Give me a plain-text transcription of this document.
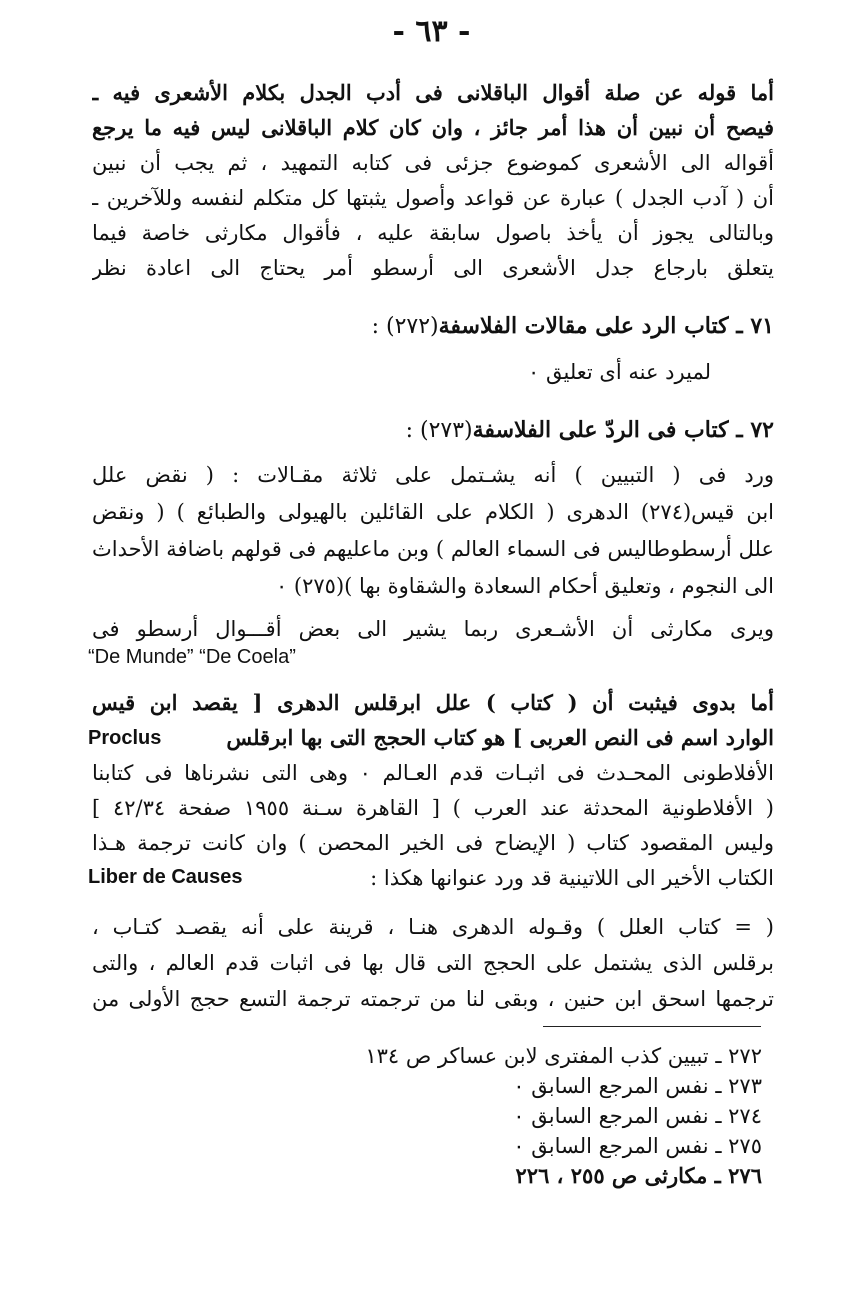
- ٦٣ -
أما قوله عن صلة أقوال الباقلانى فى أدب الجدل بكلام الأشعرى فيه ـ
فيصح أن نبين أن هذا أمر جائز ، وان كان كلام الباقلانى ليس فيه ما يرجع
أقواله الى الأشعرى كموضوع جزئى فى كتابه التمهيد ، ثم يجب أن نبين
أن ( آدب الجدل ) عبارة عن قواعد وأصول يثبتها كل متكلم لنفسه وللآخرين ـ
وبالتالى يجوز أن يأخذ باصول سابقة عليه ، فأقوال مكارثى خاصة فيما
يتعلق بارجاع جدل الأشعرى الى أرسطو أمر يحتاج الى اعادة نظر
٧١ ـ كتاب الرد على مقالات الفلاسفة(٢٧٢) :
لميرد عنه أى تعليق ٠
٧٢ ـ كتاب فى الردّ على الفلاسفة(٢٧٣) :
ورد فى ( التبيين ) أنه يشـتمل على ثلاثة مقـالات : ( نقض علل
ابن قيس(٢٧٤) الدهرى ( الكلام على القائلين بالهيولى والطبائع ) ( ونقض
علل أرسطوطاليس فى السماء العالم ) وبن ماعليهم فى قولهم باضافة الأحداث
الى النجوم ، وتعليق أحكام السعادة والشقاوة بها )(٢٧٥) ٠
ويرى مكارثى أن الأشـعرى ربما يشير الى بعض أقـــوال أرسطو فى
“De Munde” “De Coela”
أما بدوى فيثبت أن ( كتاب ) علل ابرقلس الدهرى [ يقصد ابن قيس
الوارد اسم فى النص العربى ] هو كتاب الحجج التى بها ابرقلس
Proclus
الأفلاطونى المحـدث فى اثبـات قدم العـالم ٠ وهى التى نشرناها فى كتابنا
( الأفلاطونية المحدثة عند العرب ) [ القاهرة سـنة ١٩٥٥ صفحة ٤٢/٣٤ ]
وليس المقصود كتاب ( الإيضاح فى الخير المحصن ) وان كانت ترجمة هـذا
الكتاب الأخير الى اللاتينية قد ورد عنوانها هكذا :
Liber de Causes
( = كتاب العلل ) وقـوله الدهرى هنـا ، قرينة على أنه يقصـد كتـاب ،
برقلس الذى يشتمل على الحجج التى قال بها فى اثبات قدم العالم ، والتى
ترجمها اسحق ابن حنين ، وبقى لنا من ترجمته ترجمة التسع حجج الأولى من
٢٧٢ ـ تبيين كذب المفترى لابن عساكر ص ١٣٤
٢٧٣ ـ نفس المرجع السابق ٠
٢٧٤ ـ نفس المرجع السابق ٠
٢٧٥ ـ نفس المرجع السابق ٠
٢٧٦ ـ مكارثى ص ٢٥٥ ، ٢٢٦
